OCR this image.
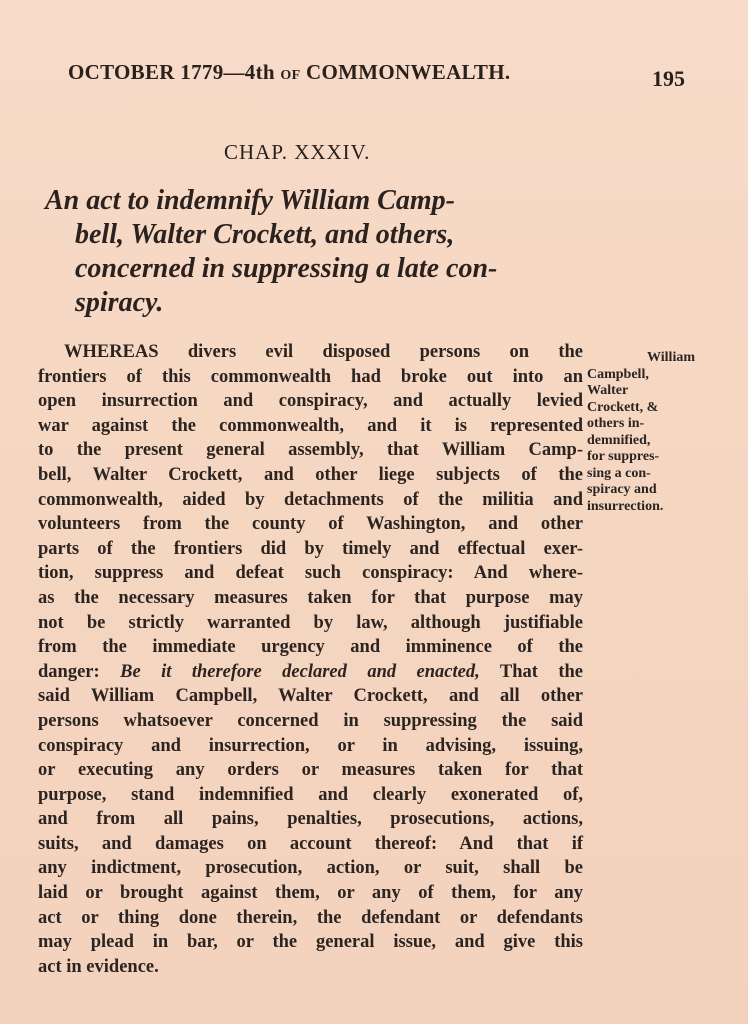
OCTOBER 1779—4th OF COMMONWEALTH.	195
CHAP. XXXIV.
An act to indemnify William Camp-
bell, Walter Crockett, and others,
concerned in suppressing a late con-
spiracy.
WHEREAS divers evil disposed persons on the
frontiers of this commonwealth had broke out into an
open insurrection and conspiracy, and actually levied
war against the commonwealth, and it is represented
to the present general assembly, that William Camp-
bell, Walter Crockett, and other liege subjects of the
commonwealth, aided by detachments of the militia and
volunteers from the county of Washington, and other
parts of the frontiers did by timely and effectual exer-
tion, suppress and defeat such conspiracy: And where-
as the necessary measures taken for that purpose may
not be strictly warranted by law, although justifiable
from the immediate urgency and imminence of the
danger: Be it therefore declared and enacted, That the
said William Campbell, Walter Crockett, and all other
persons whatsoever concerned in suppressing the said
conspiracy and insurrection, or in advising, issuing,
or executing any orders or measures taken for that
purpose, stand indemnified and clearly exonerated of,
and from all pains, penalties, prosecutions, actions,
suits, and damages on account thereof: And that if
any indictment, prosecution, action, or suit, shall be
laid or brought against them, or any of them, for any
act or thing done therein, the defendant or defendants
may plead in bar, or the general issue, and give this
act in evidence.
William
Campbell,
Walter
Crockett, &
others in-
demnified,
for suppres-
sing a con-
spiracy and
insurrection.
